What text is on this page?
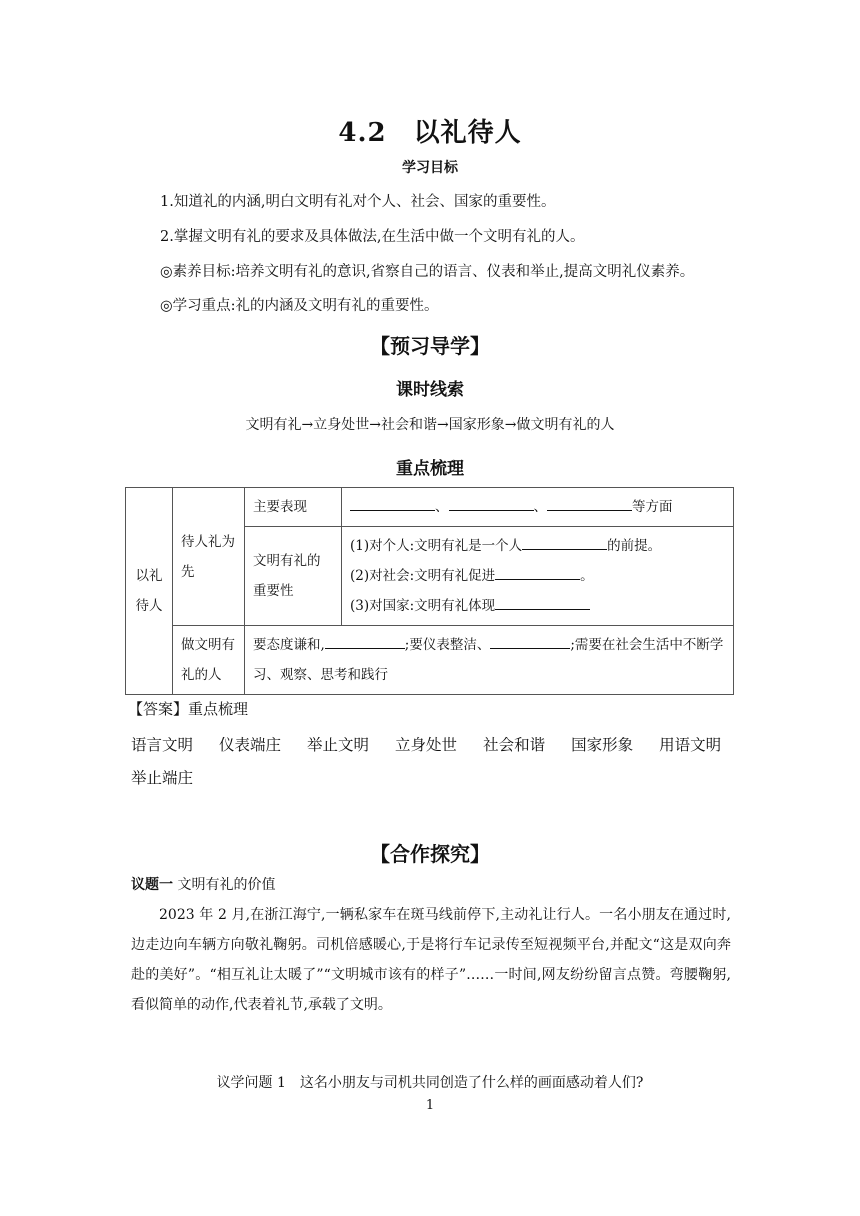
4.2　以礼待人
学习目标
1.知道礼的内涵,明白文明有礼对个人、社会、国家的重要性。
2.掌握文明有礼的要求及具体做法,在生活中做一个文明有礼的人。
◎素养目标:培养文明有礼的意识,省察自己的语言、仪表和举止,提高文明礼仪素养。
◎学习重点:礼的内涵及文明有礼的重要性。
【预习导学】
课时线索
文明有礼→立身处世→社会和谐→国家形象→做文明有礼的人
重点梳理
以礼待人	待人礼为先	主要表现	、 、 等方面
		文明有礼的重要性	(1)对个人:文明有礼是一个人 的前提。
(2)对社会:文明有礼促进 。
(3)对国家:文明有礼体现

	做文明有礼的人	要态度谦和, ;要仪表整洁、 ;需要在社会生活中不断学习、观察、思考和践行	
【答案】重点梳理
语言文明 仪表端庄 举止文明 立身处世 社会和谐 国家形象 用语文明
举止端庄
【合作探究】
议题一 文明有礼的价值
2023 年 2 月,在浙江海宁,一辆私家车在斑马线前停下,主动礼让行人。一名小朋友在通过时,边走边向车辆方向敬礼鞠躬。司机倍感暖心,于是将行车记录传至短视频平台,并配文“这是双向奔赴的美好”。“相互礼让太暖了”“文明城市该有的样子”……一时间,网友纷纷留言点赞。弯腰鞠躬,看似简单的动作,代表着礼节,承载了文明。
议学问题 1　这名小朋友与司机共同创造了什么样的画面感动着人们?
1
